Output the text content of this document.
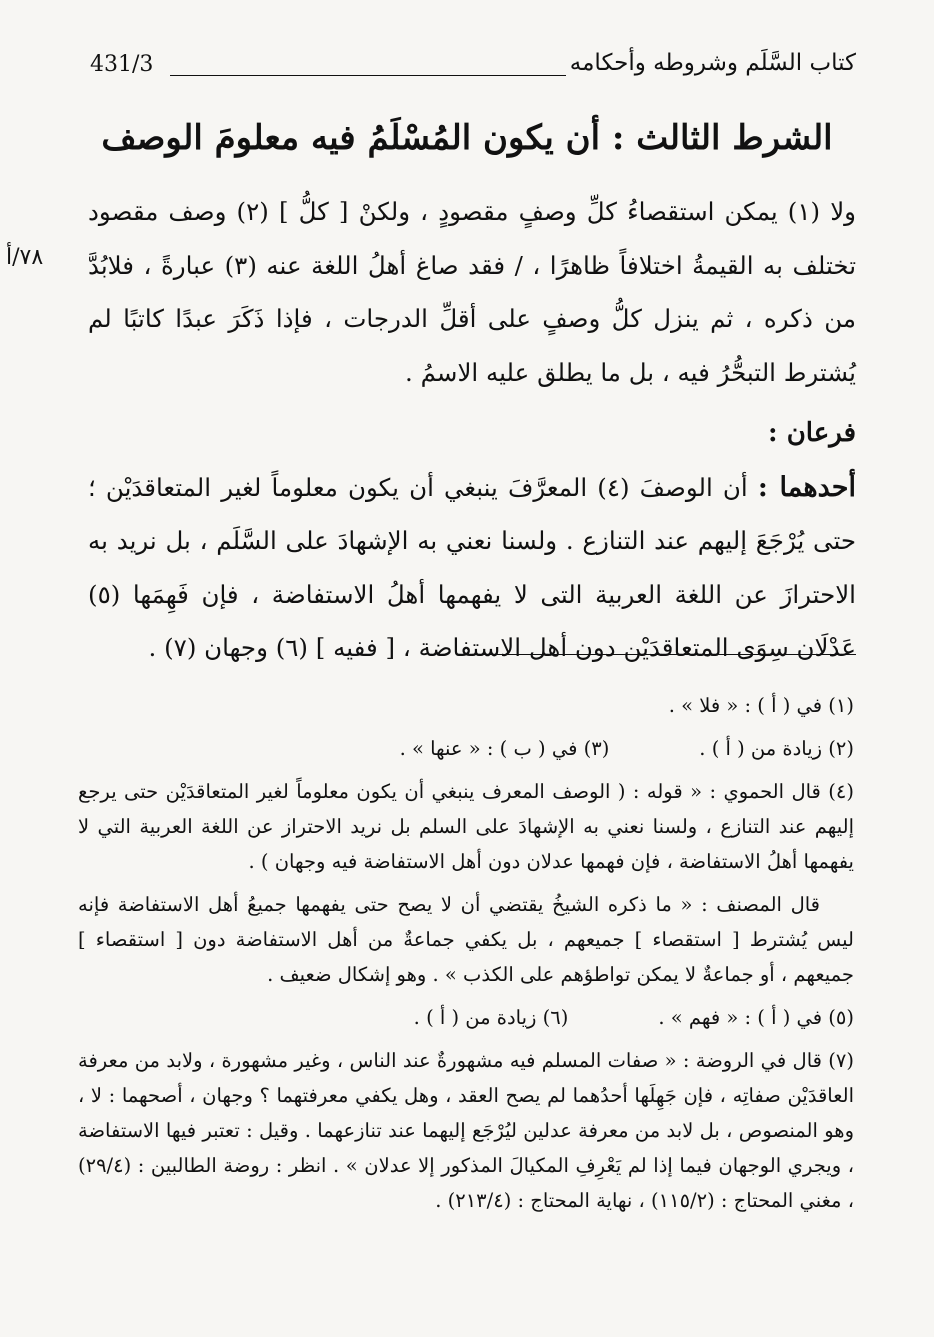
431/3	كتاب السَّلَم وشروطه وأحكامه
الشرط الثالث : أن يكون المُسْلَمُ فيه معلومَ الوصف
٧٨/أ

ولا (١) يمكن استقصاءُ كلِّ وصفٍ مقصودٍ ، ولكنْ [ كلُّ ] (٢) وصف مقصود تختلف به القيمةُ اختلافاً ظاهرًا ، / فقد صاغ أهلُ اللغة عنه (٣) عبارةً ، فلابُدَّ من ذكره ، ثم ينزل كلُّ وصفٍ على أقلِّ الدرجات ، فإذا ذَكَرَ عبدًا كاتبًا لم يُشترط التبحُّرُ فيه ، بل ما يطلق عليه الاسمُ .

فرعان :

أحدهما : أن الوصفَ (٤) المعرَّفَ ينبغي أن يكون معلوماً لغير المتعاقدَيْن ؛ حتى يُرْجَعَ إليهم عند التنازع . ولسنا نعني به الإشهادَ على السَّلَم ، بل نريد به الاحترازَ عن اللغة العربية التى لا يفهمها أهلُ الاستفاضة ، فإن فَهِمَها (٥) عَدْلَان سِوَى المتعاقدَيْن دون أهل الاستفاضة ، [ ففيه ] (٦) وجهان (٧) .

(١) في ( أ ) : « فلا » .

(٢) زيادة من ( أ ) .
(٣) في ( ب ) : « عنها » .

(٤) قال الحموي : « قوله : ( الوصف المعرف ينبغي أن يكون معلوماً لغير المتعاقدَيْن حتى يرجع إليهم عند التنازع ، ولسنا نعني به الإشهادَ على السلم بل نريد الاحتراز عن اللغة العربية التي لا يفهمها أهلُ الاستفاضة ، فإن فهمها عدلان دون أهل الاستفاضة فيه وجهان ) .

قال المصنف : « ما ذكره الشيخُ يقتضي أن لا يصح حتى يفهمها جميعُ أهل الاستفاضة فإنه ليس يُشترط [ استقصاء ] جميعهم ، بل يكفي جماعةٌ من أهل الاستفاضة دون [ استقصاء ] جميعهم ، أو جماعةٌ لا يمكن تواطؤهم على الكذب » . وهو إشكال ضعيف .

(٥) في ( أ ) : « فهم » .
(٦) زيادة من ( أ ) .

(٧) قال في الروضة : « صفات المسلم فيه مشهورةٌ عند الناس ، وغير مشهورة ، ولابد من معرفة العاقدَيْن صفاتِه ، فإن جَهِلَها أحدُهما لم يصح العقد ، وهل يكفي معرفتهما ؟ وجهان ، أصحهما : لا ، وهو المنصوص ، بل لابد من معرفة عدلين ليُرْجَع إليهما عند تنازعهما . وقيل : تعتبر فيها الاستفاضة ، ويجري الوجهان فيما إذا لم يَعْرِفِ المكيالَ المذكور إلا عدلان » . انظر : روضة الطالبين : (٢٩/٤) ، مغني المحتاج : (١١٥/٢) ، نهاية المحتاج : (٢١٣/٤) .
